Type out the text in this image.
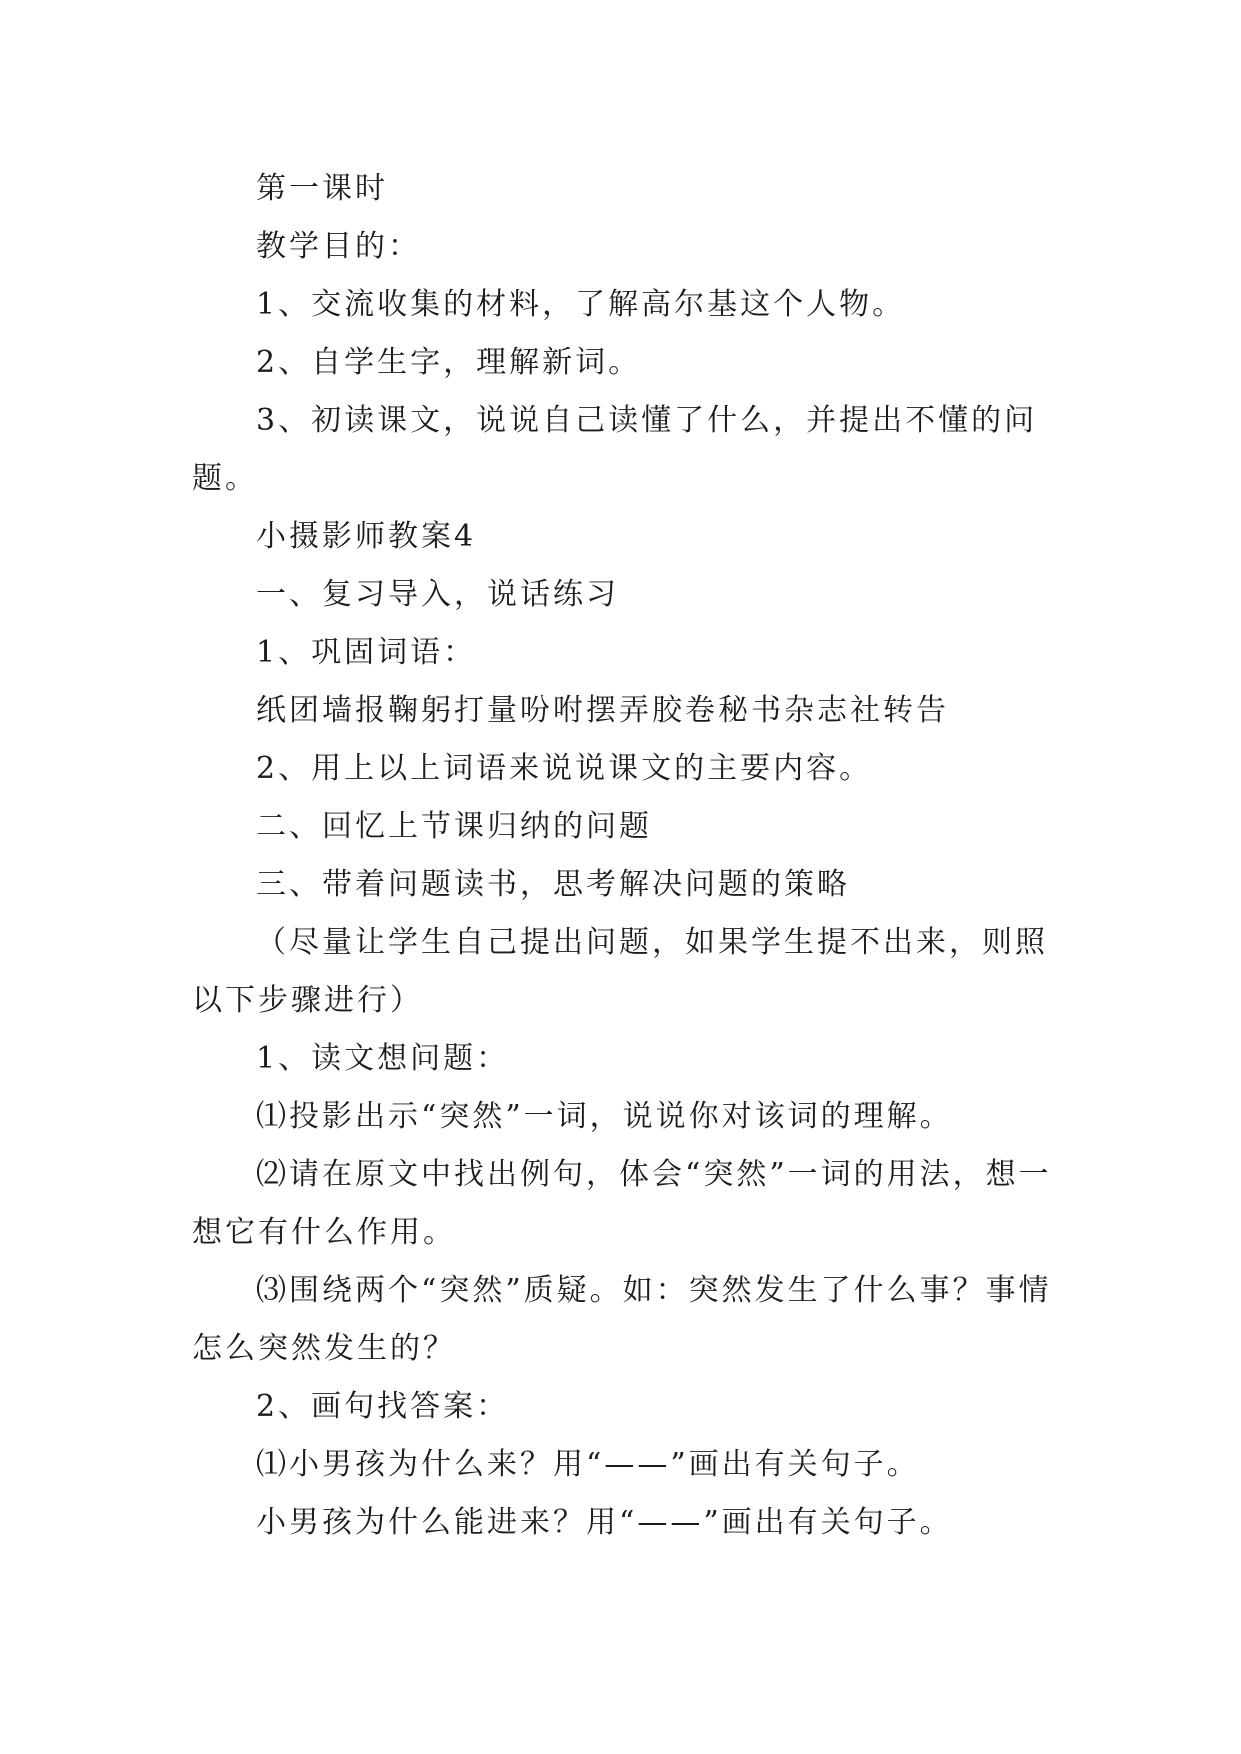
第一课时

教学目的：

1、交流收集的材料，了解高尔基这个人物。

2、自学生字，理解新词。

3、初读课文，说说自己读懂了什么，并提出不懂的问题。

小摄影师教案4

一、复习导入，说话练习

1、巩固词语：

纸团墙报鞠躬打量吩咐摆弄胶卷秘书杂志社转告

2、用上以上词语来说说课文的主要内容。

二、回忆上节课归纳的问题

三、带着问题读书，思考解决问题的策略

（尽量让学生自己提出问题，如果学生提不出来，则照以下步骤进行）

1、读文想问题：

⑴投影出示“突然”一词，说说你对该词的理解。

⑵请在原文中找出例句，体会“突然”一词的用法，想一想它有什么作用。

⑶围绕两个“突然”质疑。如：突然发生了什么事？事情怎么突然发生的？

2、画句找答案：

⑴小男孩为什么来？用“——”画出有关句子。

小男孩为什么能进来？用“——”画出有关句子。
